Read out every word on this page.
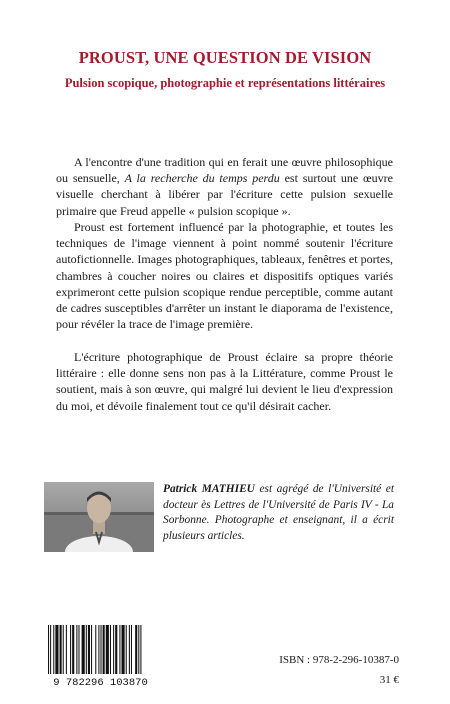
PROUST, UNE QUESTION DE VISION
Pulsion scopique, photographie et représentations littéraires

A l'encontre d'une tradition qui en ferait une œuvre philosophique ou sensuelle, A la recherche du temps perdu est surtout une œuvre visuelle cherchant à libérer par l'écriture cette pulsion sexuelle primaire que Freud appelle « pulsion scopique ».

Proust est fortement influencé par la photographie, et toutes les techniques de l'image viennent à point nommé soutenir l'écriture autofictionnelle. Images photographiques, tableaux, fenêtres et portes, chambres à coucher noires ou claires et dispositifs optiques variés exprimeront cette pulsion scopique rendue perceptible, comme autant de cadres susceptibles d'arrêter un instant le diaporama de l'existence, pour révéler la trace de l'image première.

L'écriture photographique de Proust éclaire sa propre théorie littéraire : elle donne sens non pas à la Littérature, comme Proust le soutient, mais à son œuvre, qui malgré lui devient le lieu d'expression du moi, et dévoile finalement tout ce qu'il désirait cacher.

Patrick MATHIEU est agrégé de l'Université et docteur ès Lettres de l'Université de Paris IV - La Sorbonne. Photographe et enseignant, il a écrit plusieurs articles.

9 782296 103870
ISBN : 978-2-296-10387-0
31 €
